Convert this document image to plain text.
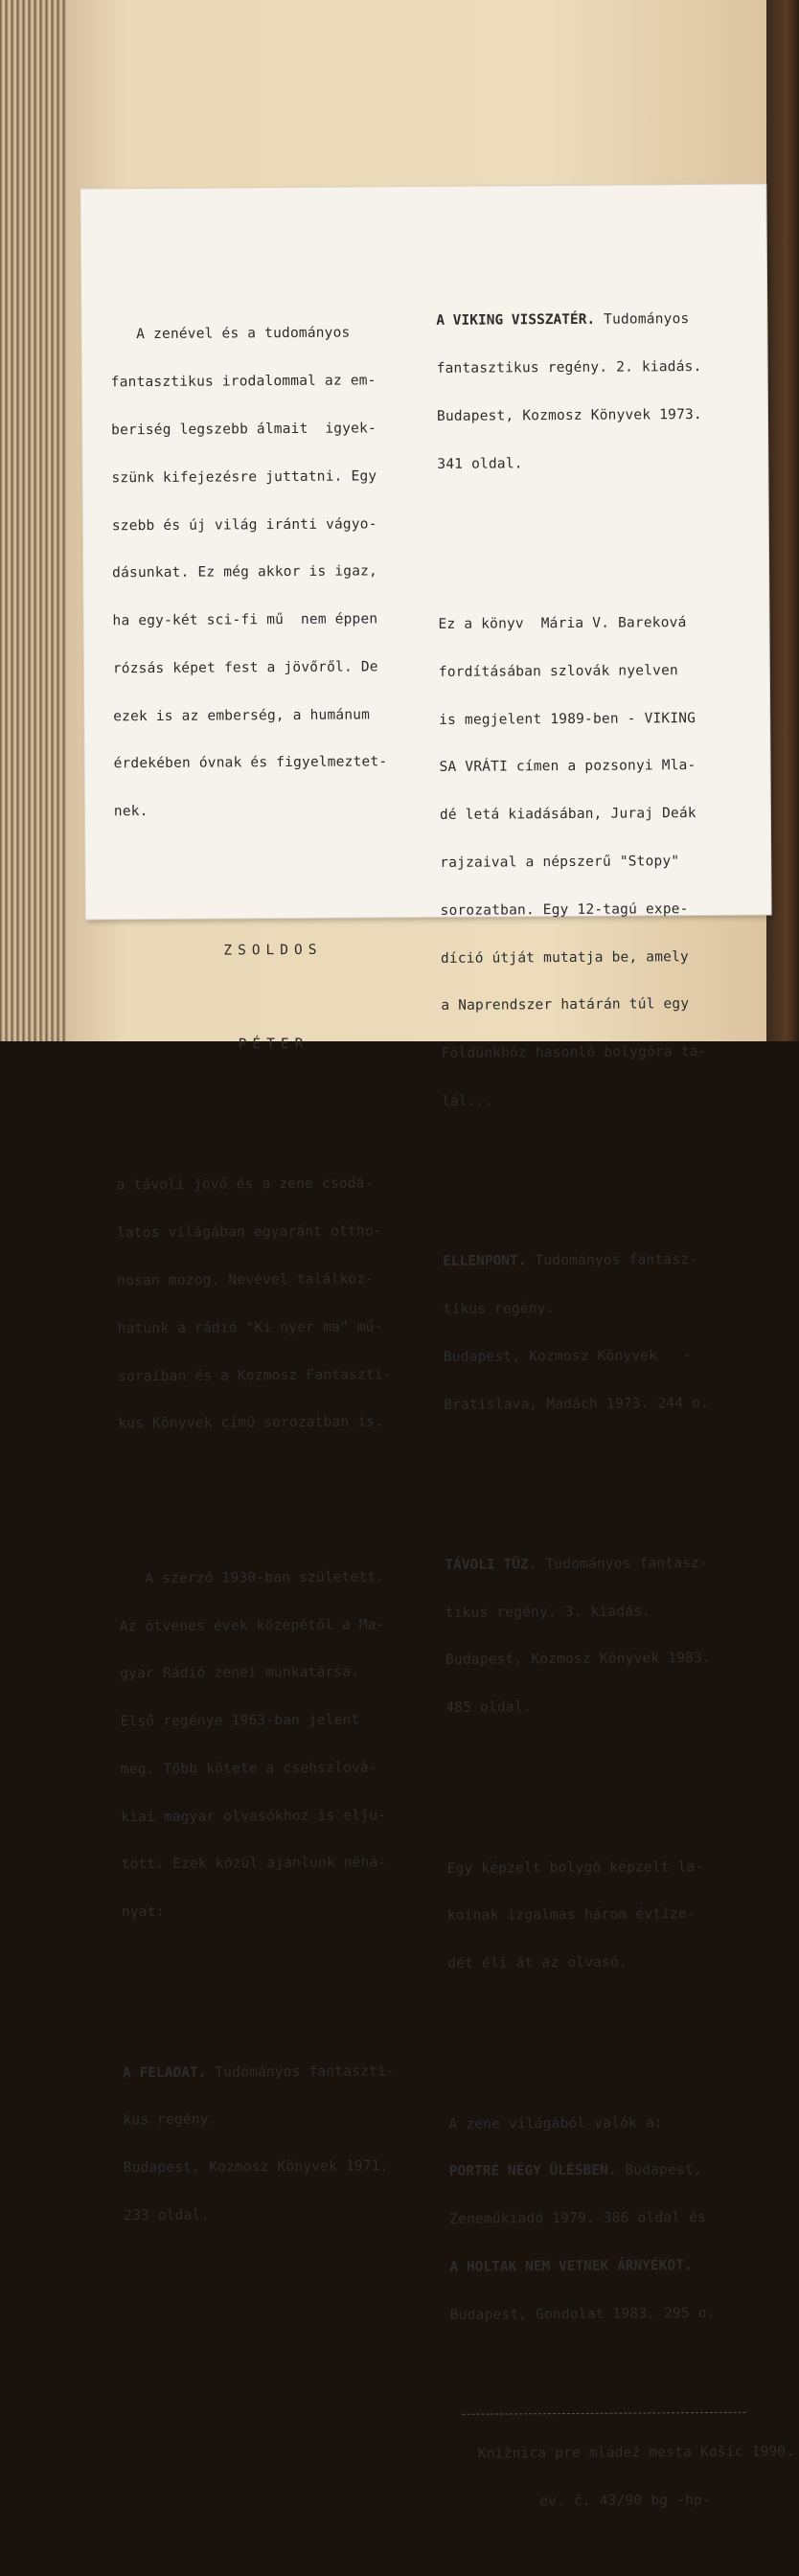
A zenével és a tudományos

fantasztikus irodalommal az em-

beriség legszebb álmait  igyek-

szünk kifejezésre juttatni. Egy

szebb és új világ iránti vágyo-

dásunkat. Ez még akkor is igaz,

ha egy-két sci-fi mű  nem éppen

rózsás képet fest a jövőről. De

ezek is az emberség, a humánum

érdekében óvnak és figyelmeztet-

nek.

ZSOLDOS

PÉTER

a távoli jövő és a zene csodá-

latos világában egyaránt ottho-

nosan mozog. Nevével találkoz-

hatunk a rádió "Ki nyer ma" mű-

soraiban és a Kozmosz Fantaszti-

kus Könyvek című sorozatban is.

A szerző 1930-ban született.

Az ötvenes évek közepétől a Ma-

gyar Rádió zenei munkatársa.

Első regénye 1963-ban jelent

meg. Több kötete a csehszlová-

kiai magyar olvasókhoz is elju-

tott. Ezek közül ajánlunk néhá-

nyat:

A FELADAT. Tudományos fantaszti-

kus regény.

Budapest, Kozmosz Könyvek 1971.

233 oldal.

A VIKING VISSZATÉR. Tudományos

fantasztikus regény. 2. kiadás.

Budapest, Kozmosz Könyvek 1973.

341 oldal.

Ez a könyv  Mária V. Bareková

fordításában szlovák nyelven

is megjelent 1989-ben - VIKING

SA VRÁTI címen a pozsonyi Mla-

dé letá kiadásában, Juraj Deák

rajzaival a népszerű "Stopy"

sorozatban. Egy 12-tagú expe-

díció útját mutatja be, amely

a Naprendszer határán túl egy

Földünkhöz hasonló bolygóra ta-

lál...

ELLENPONT. Tudományos fantasz-

tikus regény.

Budapest, Kozmosz Könyvek   -

Bratislava, Madách 1973. 244 o.

TÁVOLI TŰZ. Tudományos fantasz-

tikus regény. 3. kiadás.

Budapest, Kozmosz Könyvek 1983.

485 oldal.

Egy képzelt bolygó képzelt la-

koinak izgalmas három évtize-

dét éli át az olvasó.

A zene világából valók a:

PORTRÉ NÉGY ÜLÉSBEN. Budapest,

Zeneműkiadó 1979. 386 oldal és

A HOLTAK NEM VETNEK ÁRNYÉKOT.

Budapest, Gondolat 1983. 295 o.

Knižnica pre mládež mesta Košíc 1990.

ev. č. 43/90 bg -hp-
